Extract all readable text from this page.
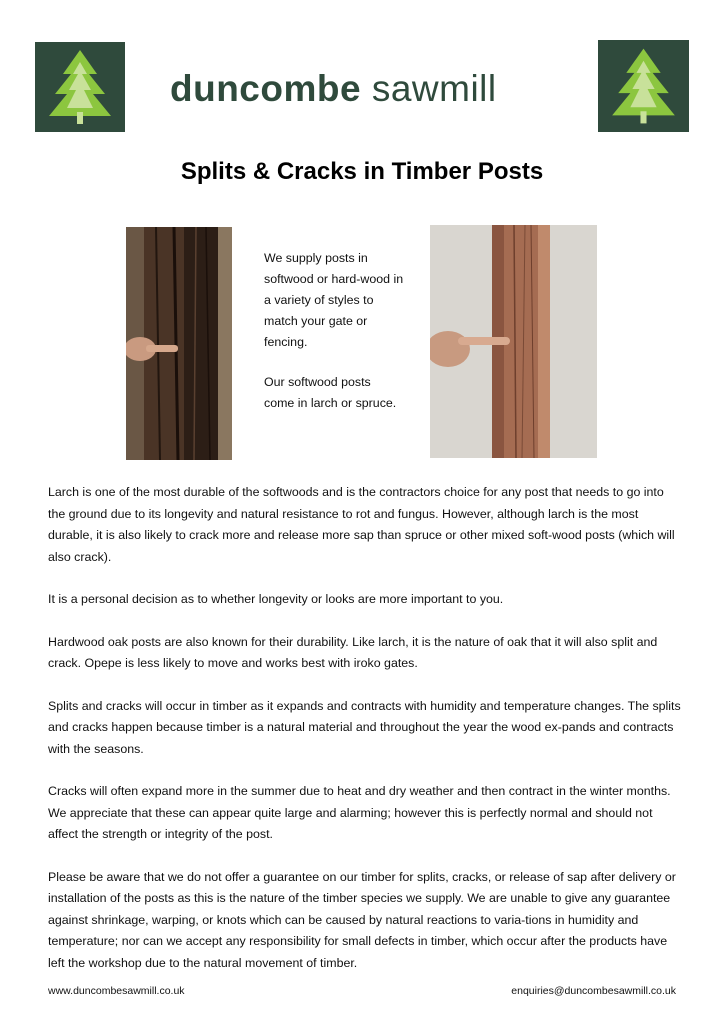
duncombe sawmill
Splits & Cracks in Timber Posts

We supply posts in softwood or hard-wood in a variety of styles to match your gate or fencing.

Our softwood posts come in larch or spruce.

Larch is one of the most durable of the softwoods and is the contractors choice for any post that needs to go into the ground due to its longevity and natural resistance to rot and fungus. However, although larch is the most durable, it is also likely to crack more and release more sap than spruce or other mixed soft-wood posts (which will also crack).

It is a personal decision as to whether longevity or looks are more important to you.

Hardwood oak posts are also known for their durability. Like larch, it is the nature of oak that it will also split and crack. Opepe is less likely to move and works best with iroko gates.

Splits and cracks will occur in timber as it expands and contracts with humidity and temperature changes. The splits and cracks happen because timber is a natural material and throughout the year the wood ex-pands and contracts with the seasons.

Cracks will often expand more in the summer due to heat and dry weather and then contract in the winter months. We appreciate that these can appear quite large and alarming; however this is perfectly normal and should not affect the strength or integrity of the post.

Please be aware that we do not offer a guarantee on our timber for splits, cracks, or release of sap after delivery or installation of the posts as this is the nature of the timber species we supply. We are unable to give any guarantee against shrinkage, warping, or knots which can be caused by natural reactions to varia-tions in humidity and temperature; nor can we accept any responsibility for small defects in timber, which occur after the products have left the workshop due to the natural movement of timber.

www.duncombesawmill.co.uk	enquiries@duncombesawmill.co.uk
